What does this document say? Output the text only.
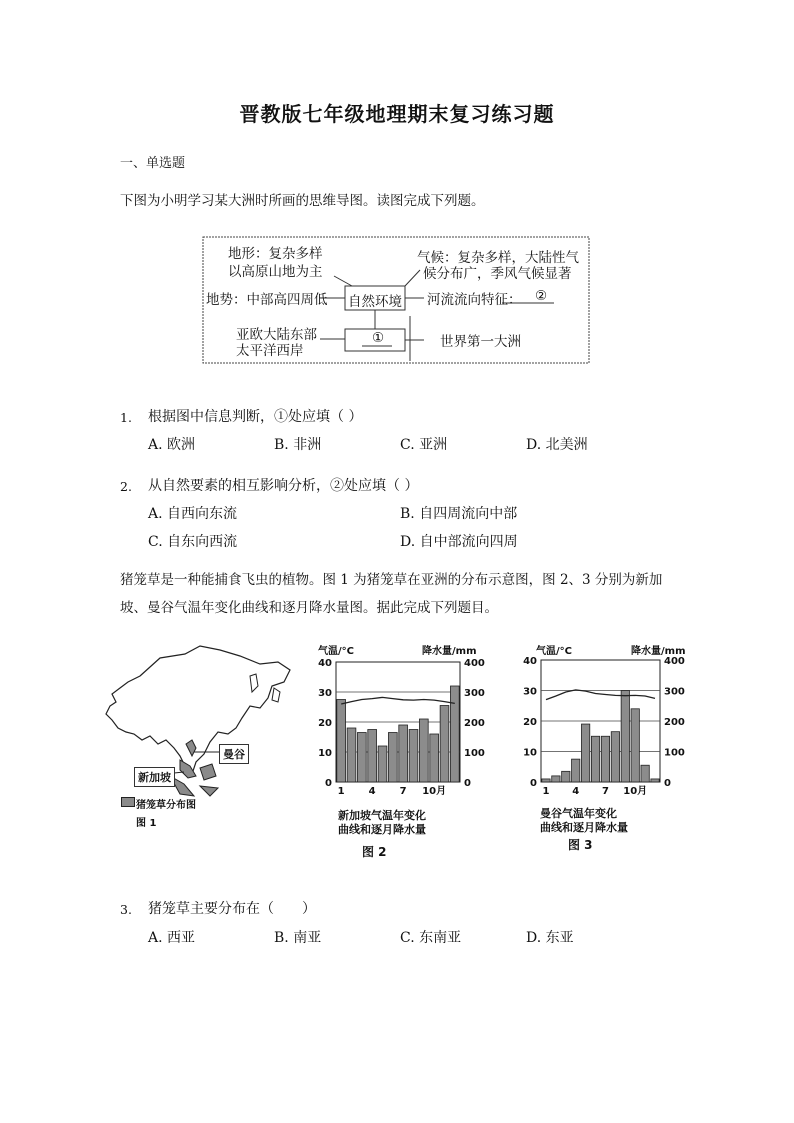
晋教版七年级地理期末复习练习题
一、单选题
下图为小明学习某大洲时所画的思维导图。读图完成下列题。
地形：复杂多样
以高原山地为主
地势：中部高四周低 自然环境
气候：复杂多样，大陆性气
候分布广，季风气候显著
河流流向特征： ②
亚欧大陆东部
太平洋西岸
①	世界第一大洲
1. 根据图中信息判断，①处应填（ ）
A. 欧洲	B. 非洲	C. 亚洲	D. 北美洲
2. 从自然要素的相互影响分析，②处应填（ ）
A. 自西向东流	B. 自四周流向中部
C. 自东向西流	D. 自中部流向四周
猪笼草是一种能捕食飞虫的植物。图 1 为猪笼草在亚洲的分布示意图，图 2、3 分别为新加
坡、曼谷气温年变化曲线和逐月降水量图。据此完成下列题目。
曼谷
新加坡
猪笼草分布图
图 1
气温/°C	降水量/mm
40
30
20
10
0
400
300
200
100
0
1 4 7 10月
新加坡气温年变化
曲线和逐月降水量
图 2
气温/°C	降水量/mm
40
30
20
10
0
400
300
200
100
0
1 4 7 10月
曼谷气温年变化
曲线和逐月降水量
图 3
3. 猪笼草主要分布在（　　）
A. 西亚	B. 南亚	C. 东南亚	D. 东亚
